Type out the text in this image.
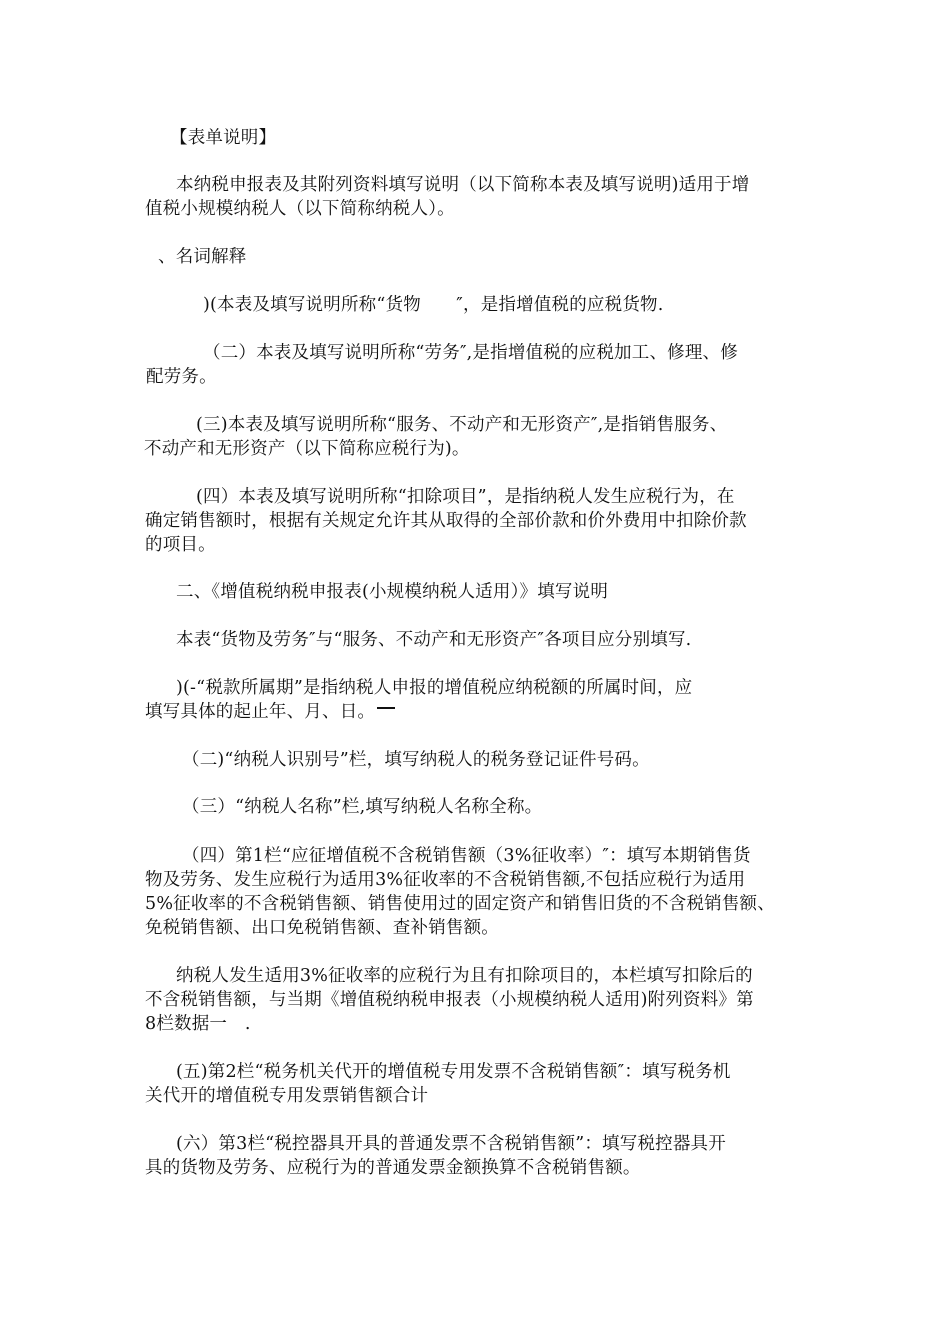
【表单说明】

本纳税申报表及其附列资料填写说明（以下简称本表及填写说明)适用于增

值税小规模纳税人（以下简称纳税人）。

、名词解释

)(本表及填写说明所称“货物　　″，是指增值税的应税货物.

（二）本表及填写说明所称“劳务″,是指增值税的应税加工、修理、修

配劳务。

(三)本表及填写说明所称“服务、不动产和无形资产″,是指销售服务、

不动产和无形资产（以下简称应税行为)。

(四）本表及填写说明所称“扣除项目”，是指纳税人发生应税行为，在

确定销售额时，根据有关规定允许其从取得的全部价款和价外费用中扣除价款

的项目。

二、《增值税纳税申报表(小规模纳税人适用）》填写说明

本表“货物及劳务″与“服务、不动产和无形资产″各项目应分别填写.

)(-“税款所属期”是指纳税人申报的增值税应纳税额的所属时间，应

填写具体的起止年、月、日。

（二)“纳税人识别号”栏，填写纳税人的税务登记证件号码。

（三）“纳税人名称”栏,填写纳税人名称全称。

（四）第1栏“应征增值税不含税销售额（3%征收率）″：填写本期销售货

物及劳务、发生应税行为适用3%征收率的不含税销售额,不包括应税行为适用

5%征收率的不含税销售额、销售使用过的固定资产和销售旧货的不含税销售额、

免税销售额、出口免税销售额、查补销售额。

纳税人发生适用3%征收率的应税行为且有扣除项目的，本栏填写扣除后的

不含税销售额，与当期《增值税纳税申报表（小规模纳税人适用)附列资料》第

8栏数据一　.

(五)第2栏“税务机关代开的增值税专用发票不含税销售额″：填写税务机

关代开的增值税专用发票销售额合计

(六）第3栏“税控器具开具的普通发票不含税销售额”：填写税控器具开

具的货物及劳务、应税行为的普通发票金额换算不含税销售额。
